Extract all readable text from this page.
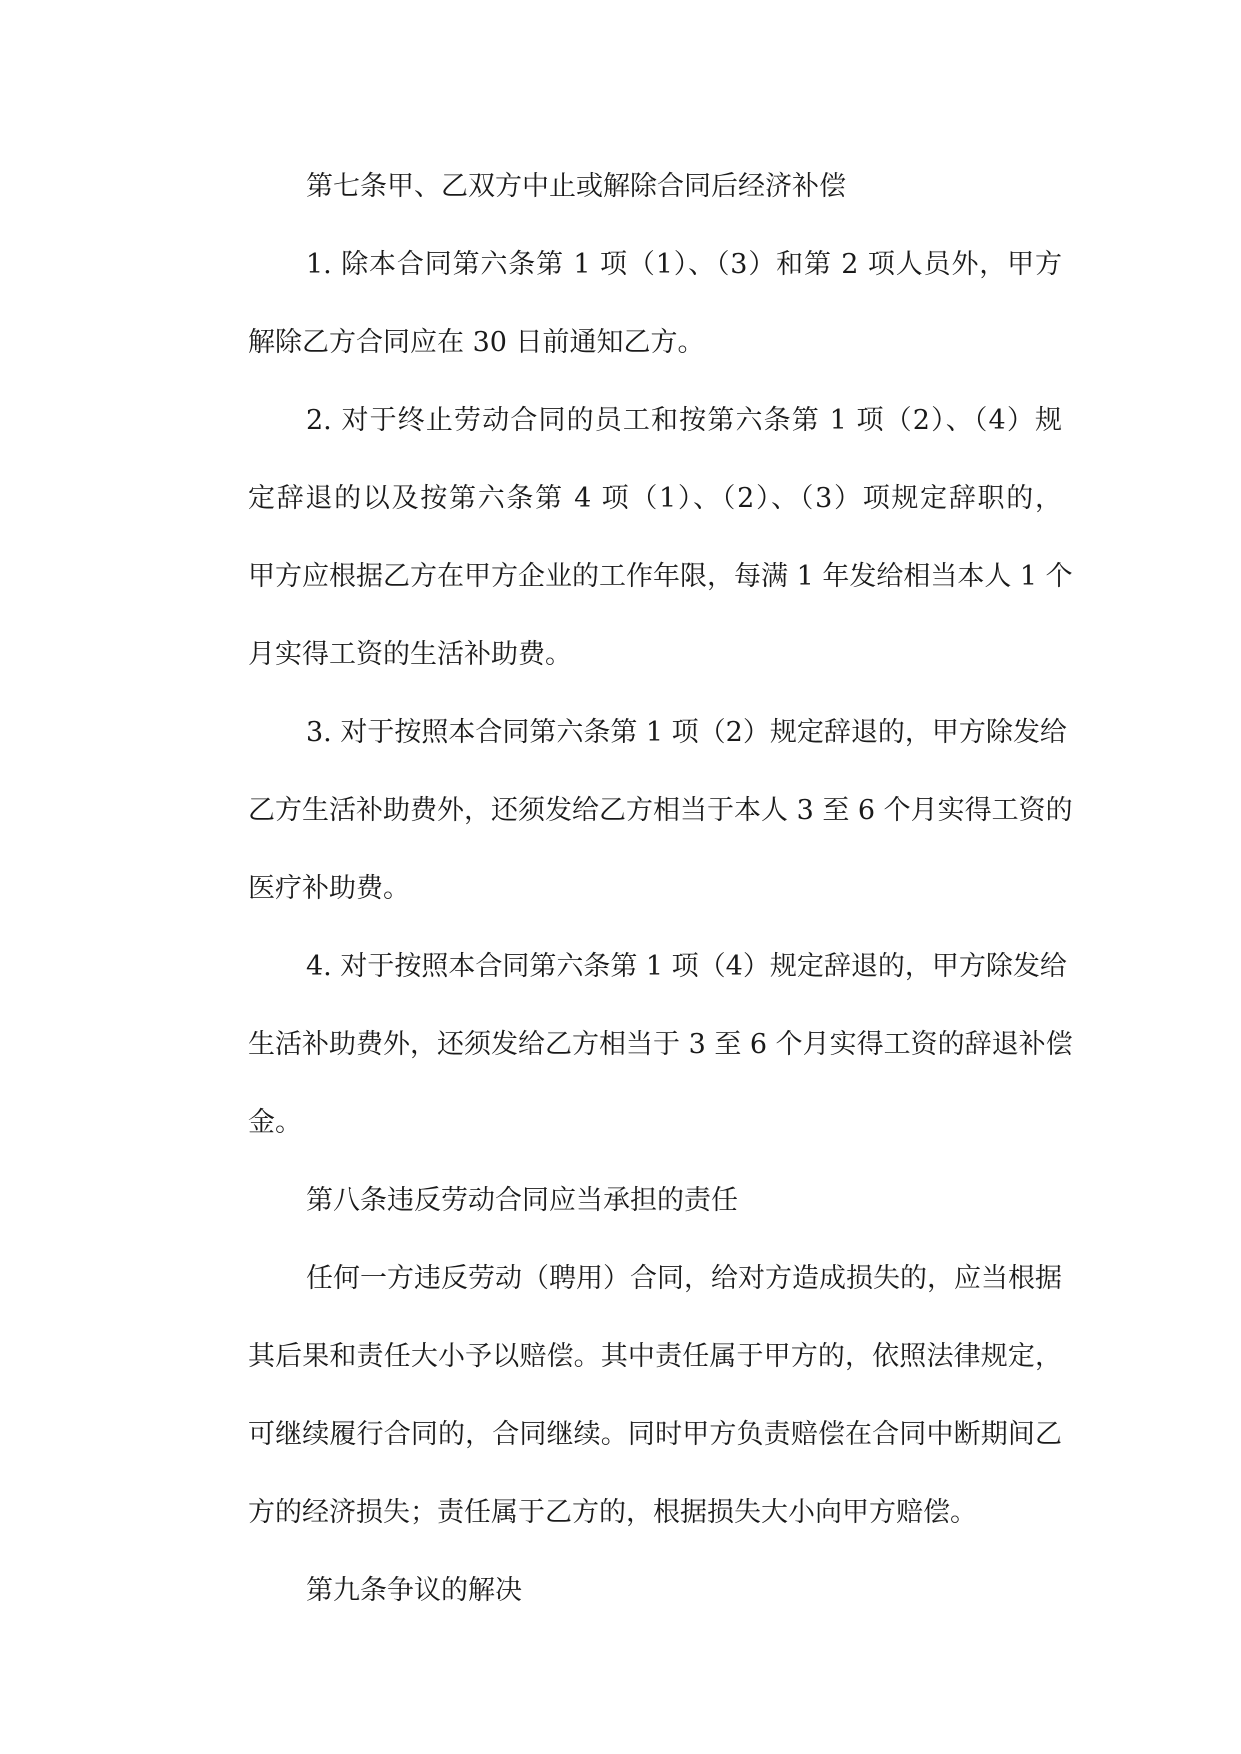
第七条甲、乙双方中止或解除合同后经济补偿
1. 除本合同第六条第 1 项（1）、（3）和第 2 项人员外，甲方
解除乙方合同应在 30 日前通知乙方。
2. 对于终止劳动合同的员工和按第六条第 1 项（2）、（4）规
定辞退的以及按第六条第 4 项（1）、（2）、（3）项规定辞职的，
甲方应根据乙方在甲方企业的工作年限，每满 1 年发给相当本人 1 个
月实得工资的生活补助费。
3. 对于按照本合同第六条第 1 项（2）规定辞退的，甲方除发给
乙方生活补助费外，还须发给乙方相当于本人 3 至 6 个月实得工资的
医疗补助费。
4. 对于按照本合同第六条第 1 项（4）规定辞退的，甲方除发给
生活补助费外，还须发给乙方相当于 3 至 6 个月实得工资的辞退补偿
金。
第八条违反劳动合同应当承担的责任
任何一方违反劳动（聘用）合同，给对方造成损失的，应当根据
其后果和责任大小予以赔偿。其中责任属于甲方的，依照法律规定，
可继续履行合同的，合同继续。同时甲方负责赔偿在合同中断期间乙
方的经济损失；责任属于乙方的，根据损失大小向甲方赔偿。
第九条争议的解决
